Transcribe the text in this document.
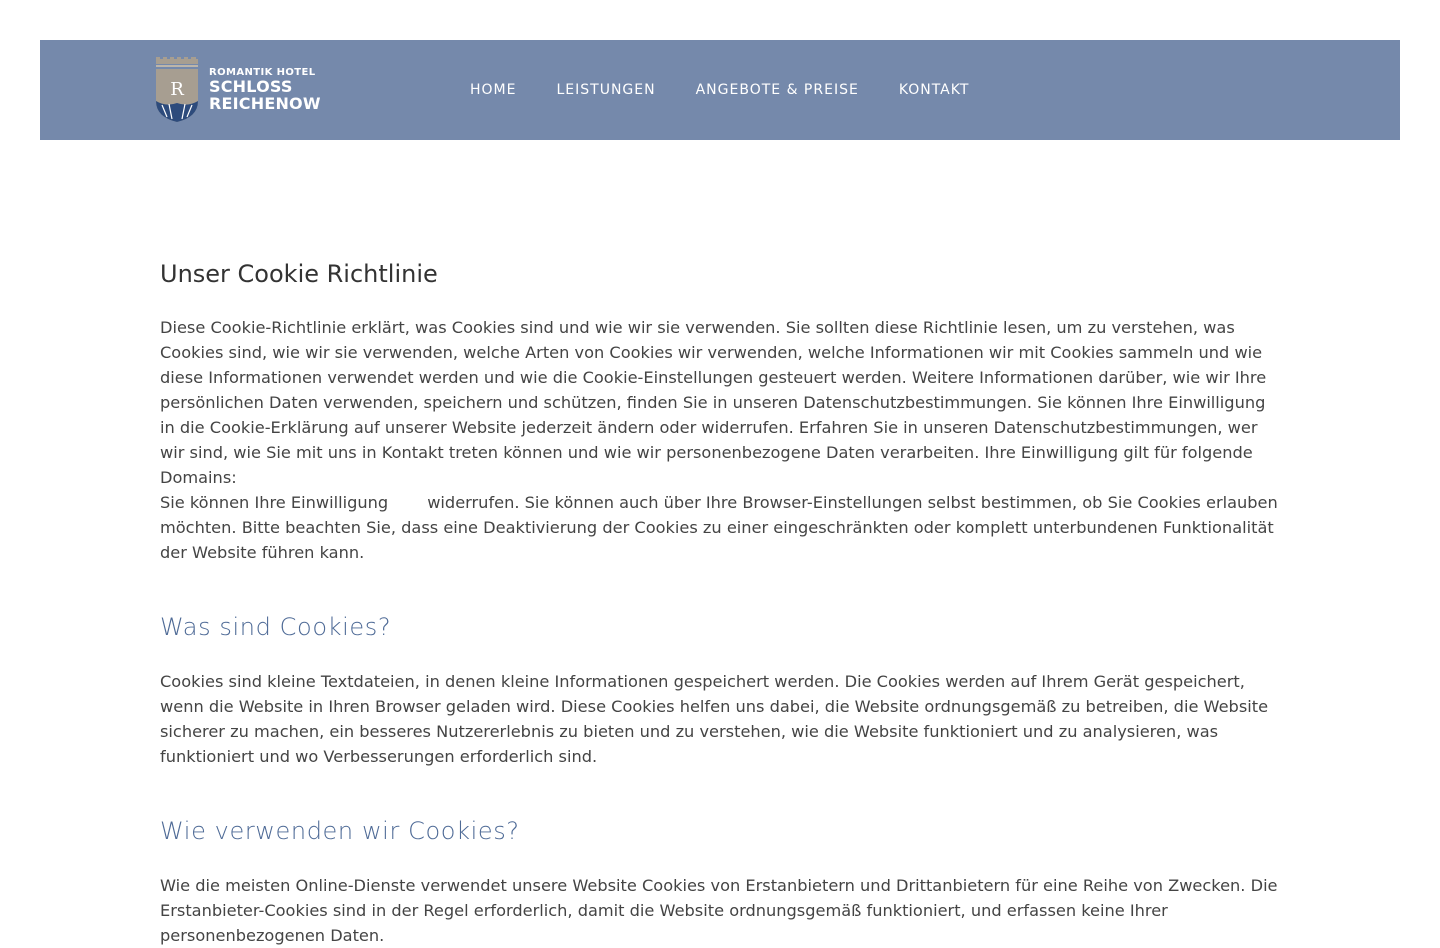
R
ROMANTIK HOTEL
SCHLOSS
REICHENOW
HOME	LEISTUNGEN	ANGEBOTE & PREISE	KONTAKT
Unser Cookie Richtlinie

Diese Cookie-Richtlinie erklärt, was Cookies sind und wie wir sie verwenden. Sie sollten diese Richtlinie lesen, um zu verstehen, was Cookies sind, wie wir sie verwenden, welche Arten von Cookies wir verwenden, welche Informationen wir mit Cookies sammeln und wie diese Informationen verwendet werden und wie die Cookie-Einstellungen gesteuert werden. Weitere Informationen darüber, wie wir Ihre persönlichen Daten verwenden, speichern und schützen, finden Sie in unseren Datenschutzbestimmungen. Sie können Ihre Einwilligung in die Cookie-Erklärung auf unserer Website jederzeit ändern oder widerrufen. Erfahren Sie in unseren Datenschutzbestimmungen, wer wir sind, wie Sie mit uns in Kontakt treten können und wie wir personenbezogene Daten verarbeiten. Ihre Einwilligung gilt für folgende Domains:
Sie können Ihre Einwilligung widerrufen. Sie können auch über Ihre Browser-Einstellungen selbst bestimmen, ob Sie Cookies erlauben möchten. Bitte beachten Sie, dass eine Deaktivierung der Cookies zu einer eingeschränkten oder komplett unterbundenen Funktionalität der Website führen kann.

Was sind Cookies?

Cookies sind kleine Textdateien, in denen kleine Informationen gespeichert werden. Die Cookies werden auf Ihrem Gerät gespeichert, wenn die Website in Ihren Browser geladen wird. Diese Cookies helfen uns dabei, die Website ordnungsgemäß zu betreiben, die Website sicherer zu machen, ein besseres Nutzererlebnis zu bieten und zu verstehen, wie die Website funktioniert und zu analysieren, was funktioniert und wo Verbesserungen erforderlich sind.

Wie verwenden wir Cookies?

Wie die meisten Online-Dienste verwendet unsere Website Cookies von Erstanbietern und Drittanbietern für eine Reihe von Zwecken. Die Erstanbieter-Cookies sind in der Regel erforderlich, damit die Website ordnungsgemäß funktioniert, und erfassen keine Ihrer personenbezogenen Daten.
